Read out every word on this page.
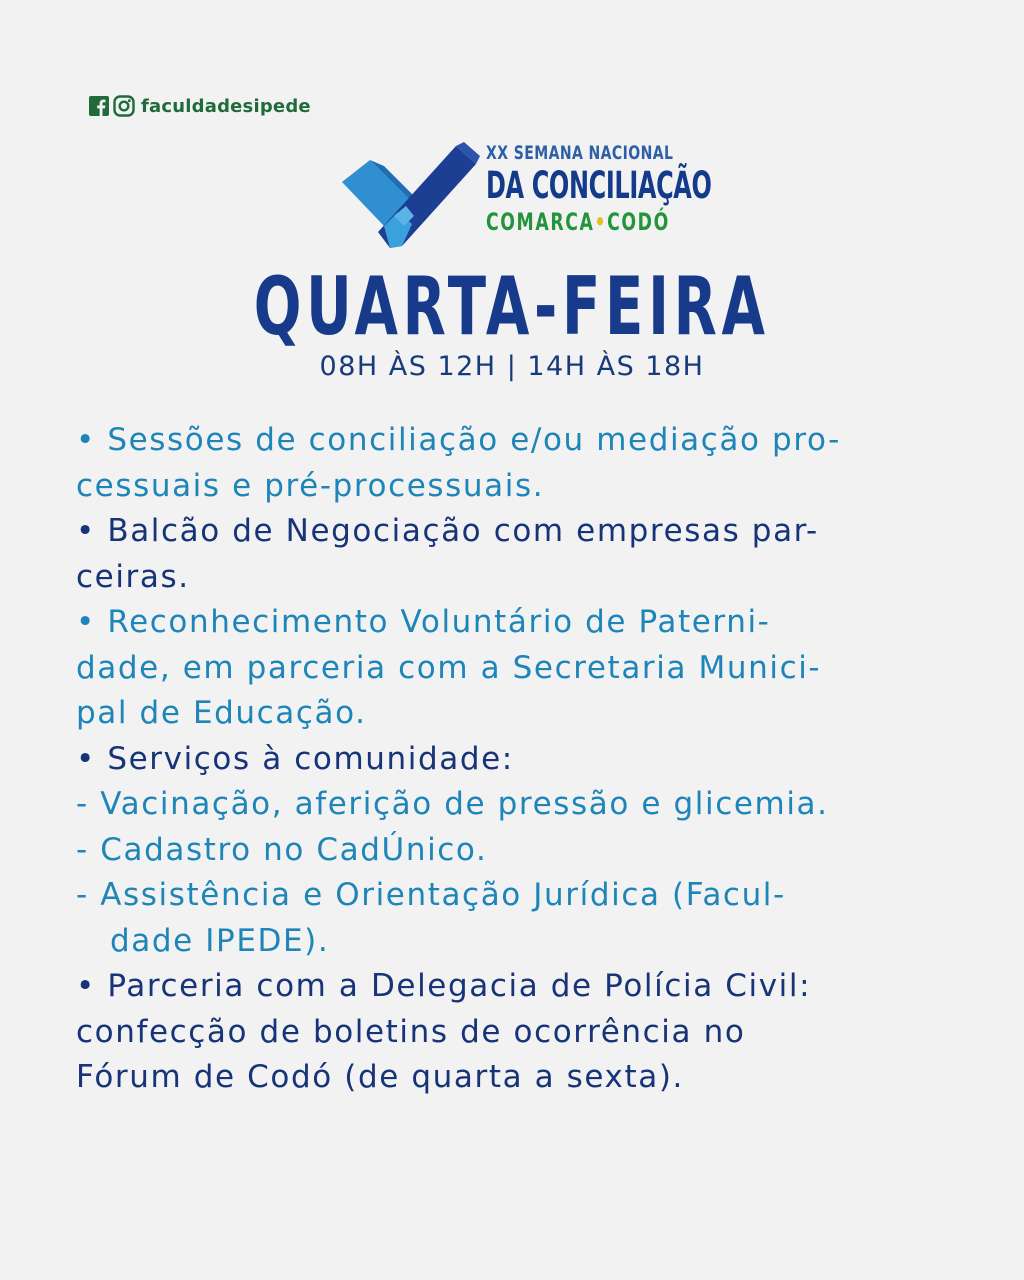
faculdadesipede
XX SEMANA NACIONAL
DA CONCILIAÇÃO
COMARCA•CODÓ
QUARTA-FEIRA
08H ÀS 12H | 14H ÀS 18H
• Sessões de conciliação e/ou mediação pro-
cessuais e pré-processuais.
• Balcão de Negociação com empresas par-
ceiras.
• Reconhecimento Voluntário de Paterni-
dade, em parceria com a Secretaria Munici-
pal de Educação.
• Serviços à comunidade:
- Vacinação, aferição de pressão e glicemia.
- Cadastro no CadÚnico.
- Assistência e Orientação Jurídica (Facul-
dade IPEDE).
• Parceria com a Delegacia de Polícia Civil:
confecção de boletins de ocorrência no
Fórum de Codó (de quarta a sexta).
